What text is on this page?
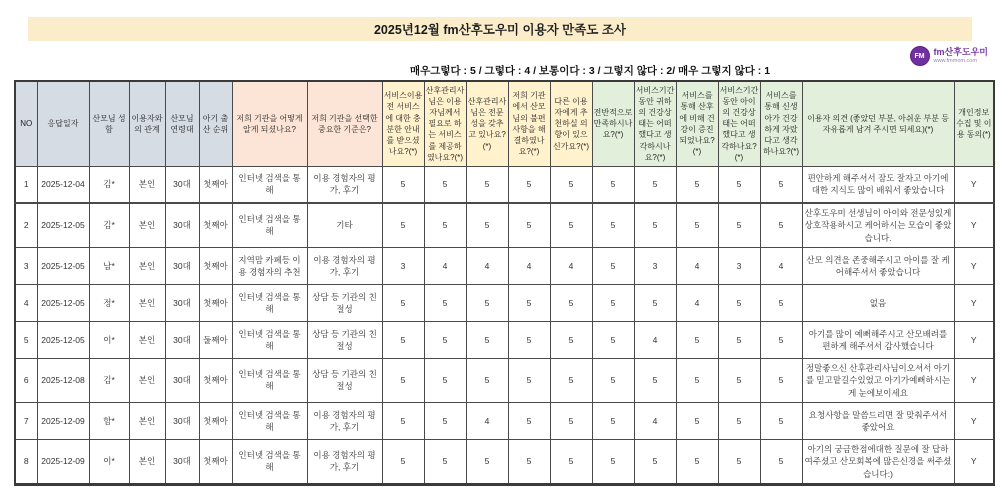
2025년12월 fm산후도우미 이용자 만족도 조사
FM fm산후도우미
www.fmmom.com
매우그렇다 : 5 / 그렇다 : 4 / 보통이다 : 3 / 그렇지 않다 : 2/ 매우 그렇지 않다 : 1
NO	응답일자	산모님 성함	이용자와의 관계	산모님 연령대	아기 출산 순위	저희 기관을 어떻게 알게 되셨나요?	저희 기관을 선택한 중요한 기준은?	서비스이용 전 서비스에 대한 충분한 안내를 받으셨나요?(*)	산후관리사님은 이용자님께서 필요로 하는 서비스를 제공하였나요?(*)	산후관리사님은 전문성을 갖추고 있나요?(*)	저희 기관에서 산모님의 불편사항을 해결하였나요?(*)	다른 이용자에게 추천하실 의향이 있으신가요?(*)	전반적으로 만족하시나요?(*)	서비스기간 동안 귀하의 건강상태는 어떠했다고 생각하시나요?(*)	서비스를 통해 산후에 비해 건강이 증진되었나요?(*)	서비스기간 동안 아이의 건강상태는 어떠했다고 생각하나요?(*)	서비스를 통해 신생아가 건강하게 자랐다고 생각하나요?(*)	이용자 의견 (좋았던 부분, 아쉬운 부분 등 자유롭게 남겨 주시면 되세요)(*)	개인정보 수집 및 이용 동의(*)
1	2025-12-04	김*	본인	30대	첫째아	인터넷 검색을 통해	이용 경험자의 평가, 후기	5	5	5	5	5	5	5	5	5	5	편안하게 해주셔서 잠도 잘자고 아기에 대한 지식도 많이 배워서 좋았습니다	Y
2	2025-12-05	김*	본인	30대	첫째아	인터넷 검색을 통해	기타	5	5	5	5	5	5	5	5	5	5	산후도우미 선생님이 아이와 전문성있게 상호작용하시고 케어하시는 모습이 좋았습니다.	Y
3	2025-12-05	남*	본인	30대	첫째아	지역맘 카페등 이용 경험자의 추천	이용 경험자의 평가, 후기	3	4	4	4	4	5	3	4	3	4	산모 의견을 존중해주시고 아이를 잘 케어해주셔서 좋았습니다	Y
4	2025-12-05	정*	본인	30대	첫째아	인터넷 검색을 통해	상담 등 기관의 친절성	5	5	5	5	5	5	5	4	5	5	없음	Y
5	2025-12-05	이*	본인	30대	둘째아	인터넷 검색을 통해	상담 등 기관의 친절성	5	5	5	5	5	5	4	5	5	5	아기를 많이 예뻐해주시고 산모배려를 편하게 해주셔서 감사했습니다	Y
6	2025-12-08	김*	본인	30대	첫째아	인터넷 검색을 통해	상담 등 기관의 친절성	5	5	5	5	5	5	5	5	5	5	정말좋으신 산후관리사님이오셔서 아기를 믿고맡길수있었고 아기가예뻐하시는 게 눈에보이세요	Y
7	2025-12-09	함*	본인	30대	첫째아	인터넷 검색을 통해	이용 경험자의 평가, 후기	5	5	4	5	5	5	4	5	5	5	요청사항을 말씀드리면 잘 맞춰주셔서 좋았어요	Y
8	2025-12-09	이*	본인	30대	첫째아	인터넷 검색을 통해	이용 경험자의 평가, 후기	5	5	5	5	5	5	5	5	5	5	아기의 궁금한점에대한 질문에 잘 답하여주셨고 산모회복에 많은신경을 써주셨습니다:)	Y
